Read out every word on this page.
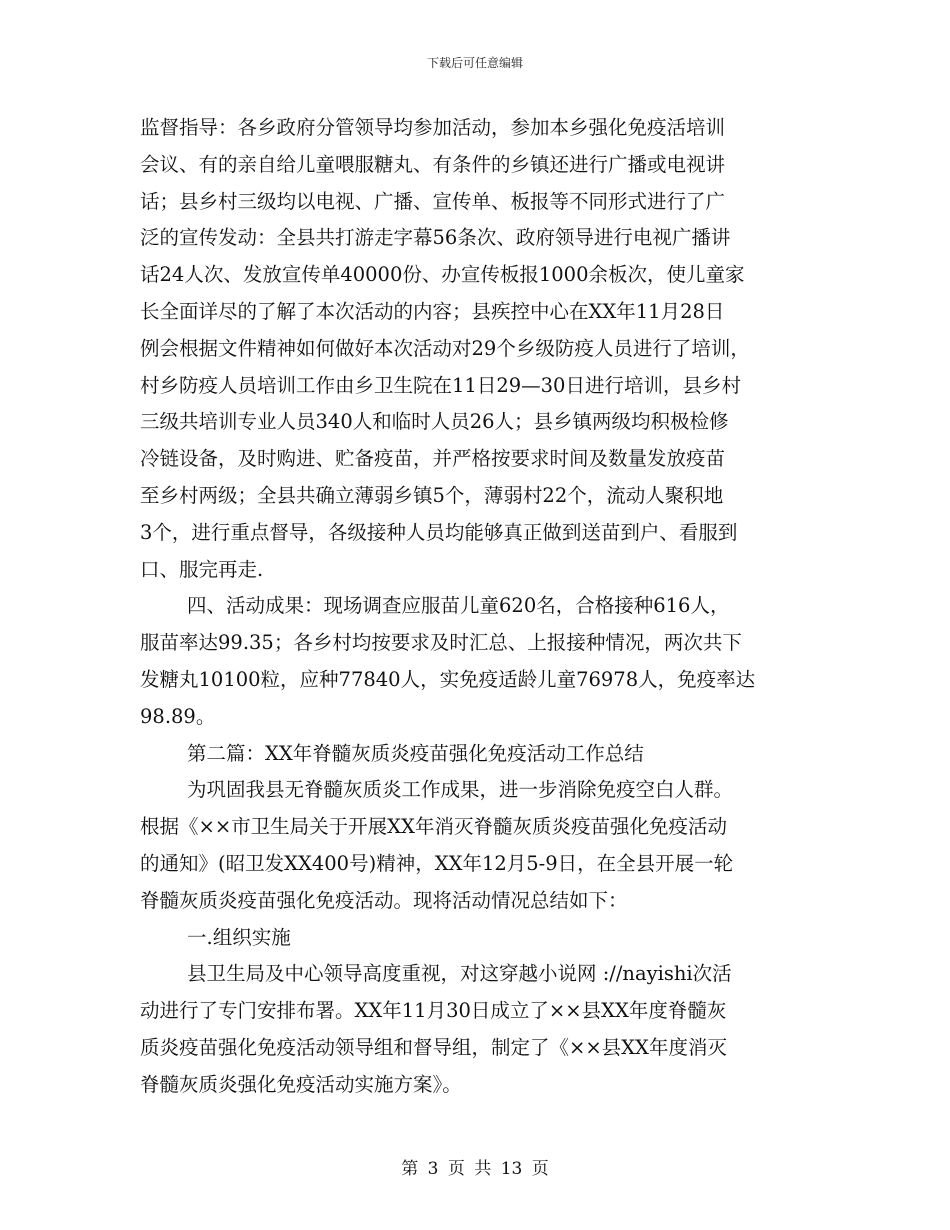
下载后可任意编辑
监督指导：各乡政府分管领导均参加活动，参加本乡强化免疫活培训
会议、有的亲自给儿童喂服糖丸、有条件的乡镇还进行广播或电视讲
话；县乡村三级均以电视、广播、宣传单、板报等不同形式进行了广
泛的宣传发动：全县共打游走字幕56条次、政府领导进行电视广播讲
话24人次、发放宣传单40000份、办宣传板报1000余板次，使儿童家
长全面详尽的了解了本次活动的内容；县疾控中心在XX年11月28日
例会根据文件精神如何做好本次活动对29个乡级防疫人员进行了培训，
村乡防疫人员培训工作由乡卫生院在11日29—30日进行培训，县乡村
三级共培训专业人员340人和临时人员26人；县乡镇两级均积极检修
冷链设备，及时购进、贮备疫苗，并严格按要求时间及数量发放疫苗
至乡村两级；全县共确立薄弱乡镇5个，薄弱村22个，流动人聚积地
3个，进行重点督导，各级接种人员均能够真正做到送苗到户、看服到
口、服完再走.
四、活动成果：现场调查应服苗儿童620名，合格接种616人，
服苗率达99.35；各乡村均按要求及时汇总、上报接种情况，两次共下
发糖丸10100粒，应种77840人，实免疫适龄儿童76978人，免疫率达
98.89。
第二篇：XX年脊髓灰质炎疫苗强化免疫活动工作总结
为巩固我县无脊髓灰质炎工作成果，进一步消除免疫空白人群。
根据《××市卫生局关于开展XX年消灭脊髓灰质炎疫苗强化免疫活动
的通知》(昭卫发XX400号)精神，XX年12月5-9日，在全县开展一轮
脊髓灰质炎疫苗强化免疫活动。现将活动情况总结如下：
一.组织实施
县卫生局及中心领导高度重视，对这穿越小说网 ://nayishi次活
动进行了专门安排布署。XX年11月30日成立了××县XX年度脊髓灰
质炎疫苗强化免疫活动领导组和督导组，制定了《××县XX年度消灭
脊髓灰质炎强化免疫活动实施方案》。
第 3 页 共 13 页
